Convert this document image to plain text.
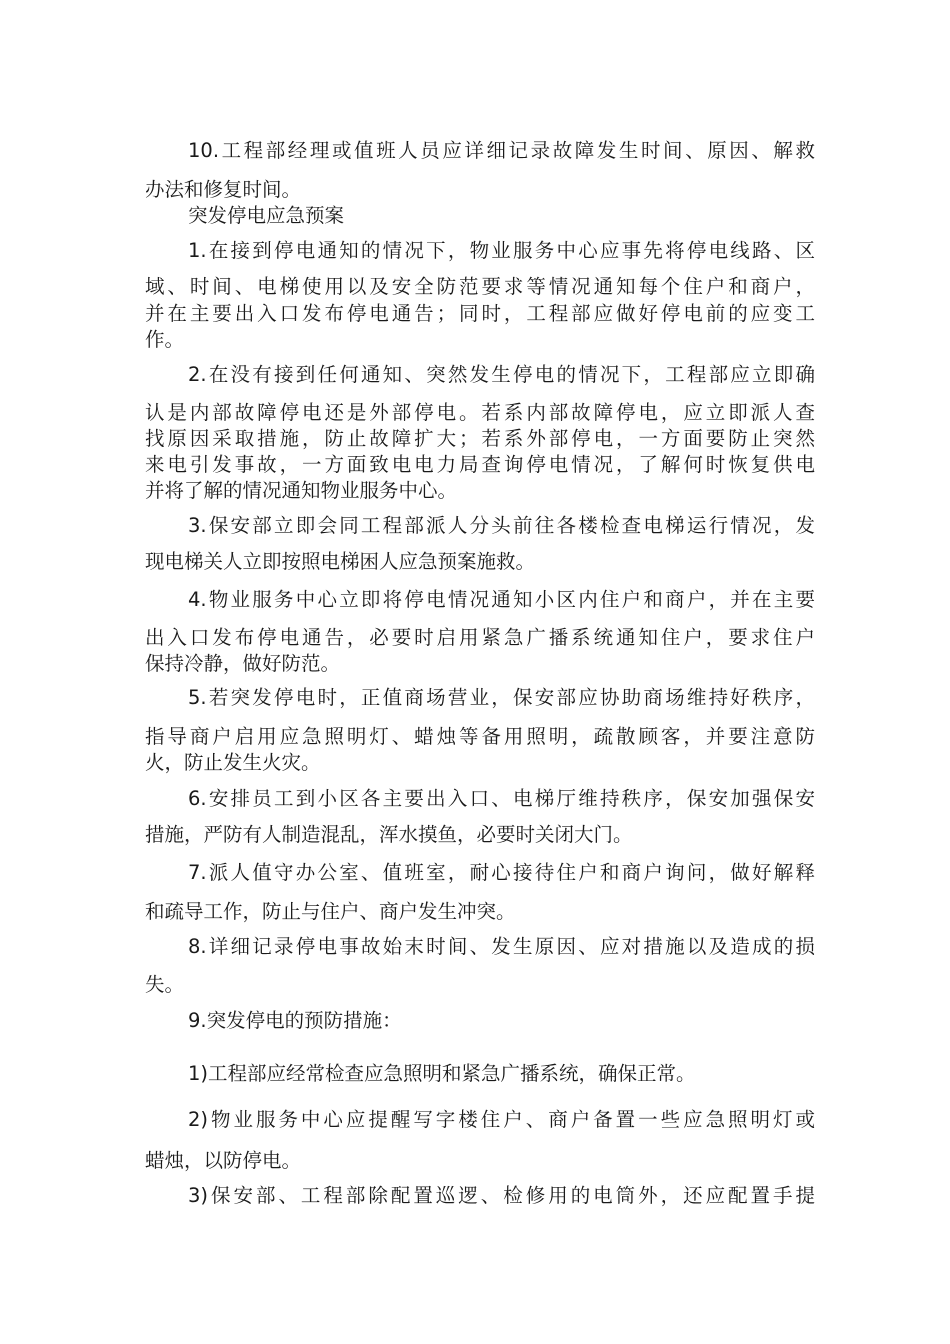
10.工程部经理或值班人员应详细记录故障发生时间、原因、解救
办法和修复时间。
突发停电应急预案
1.在接到停电通知的情况下，物业服务中心应事先将停电线路、区
域、时间、电梯使用以及安全防范要求等情况通知每个住户和商户，
并在主要出入口发布停电通告；同时，工程部应做好停电前的应变工
作。
2.在没有接到任何通知、突然发生停电的情况下，工程部应立即确
认是内部故障停电还是外部停电。若系内部故障停电，应立即派人查
找原因采取措施，防止故障扩大；若系外部停电，一方面要防止突然
来电引发事故，一方面致电电力局查询停电情况，了解何时恢复供电
并将了解的情况通知物业服务中心。
3.保安部立即会同工程部派人分头前往各楼检查电梯运行情况，发
现电梯关人立即按照电梯困人应急预案施救。
4.物业服务中心立即将停电情况通知小区内住户和商户，并在主要
出入口发布停电通告，必要时启用紧急广播系统通知住户，要求住户
保持冷静，做好防范。
5.若突发停电时，正值商场营业，保安部应协助商场维持好秩序，
指导商户启用应急照明灯、蜡烛等备用照明，疏散顾客，并要注意防
火，防止发生火灾。
6.安排员工到小区各主要出入口、电梯厅维持秩序，保安加强保安
措施，严防有人制造混乱，浑水摸鱼，必要时关闭大门。
7.派人值守办公室、值班室，耐心接待住户和商户询问，做好解释
和疏导工作，防止与住户、商户发生冲突。
8.详细记录停电事故始末时间、发生原因、应对措施以及造成的损
失。
9.突发停电的预防措施：
1)工程部应经常检查应急照明和紧急广播系统，确保正常。
2)物业服务中心应提醒写字楼住户、商户备置一些应急照明灯或
蜡烛，以防停电。
3)保安部、工程部除配置巡逻、检修用的电筒外，还应配置手提
